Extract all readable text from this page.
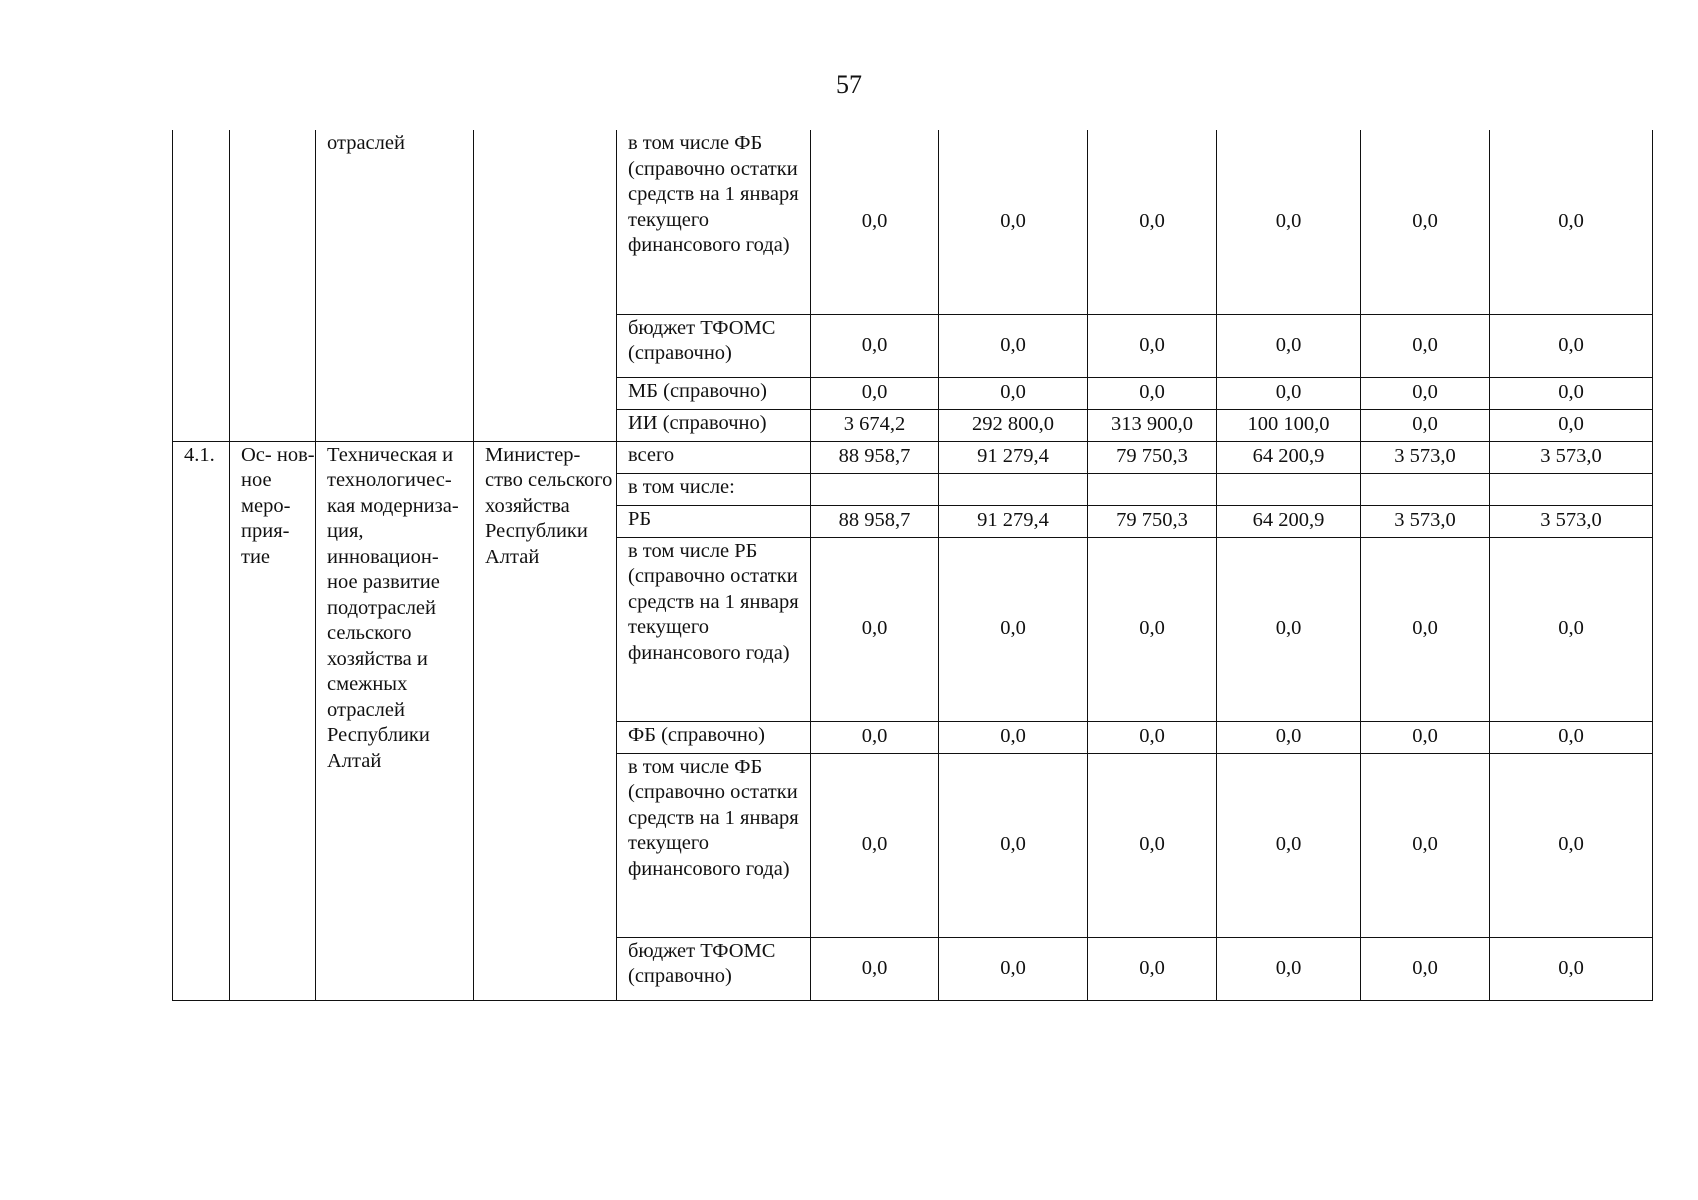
57
		отраслей		в том числе ФБ (справочно остатки средств на 1 января текущего финансового года)	0,0	0,0	0,0	0,0	0,0	0,0
				бюджет ТФОМС (справочно)	0,0	0,0	0,0	0,0	0,0	0,0
				МБ (справочно)	0,0	0,0	0,0	0,0	0,0	0,0
				ИИ (справочно)	3 674,2	292 800,0	313 900,0	100 100,0	0,0	0,0
4.1.	Ос- нов- ное меро- прия- тие	Техническая и технологичес- кая модерниза- ция, инновацион- ное развитие подотраслей сельского хозяйства и смежных отраслей Республики Алтай	Министер- ство сельского хозяйства Республики Алтай	всего	88 958,7	91 279,4	79 750,3	64 200,9	3 573,0	3 573,0
				в том числе:						
				РБ	88 958,7	91 279,4	79 750,3	64 200,9	3 573,0	3 573,0
				в том числе РБ (справочно остатки средств на 1 января текущего финансового года)	0,0	0,0	0,0	0,0	0,0	0,0
				ФБ (справочно)	0,0	0,0	0,0	0,0	0,0	0,0
				в том числе ФБ (справочно остатки средств на 1 января текущего финансового года)	0,0	0,0	0,0	0,0	0,0	0,0
				бюджет ТФОМС (справочно)	0,0	0,0	0,0	0,0	0,0	0,0
